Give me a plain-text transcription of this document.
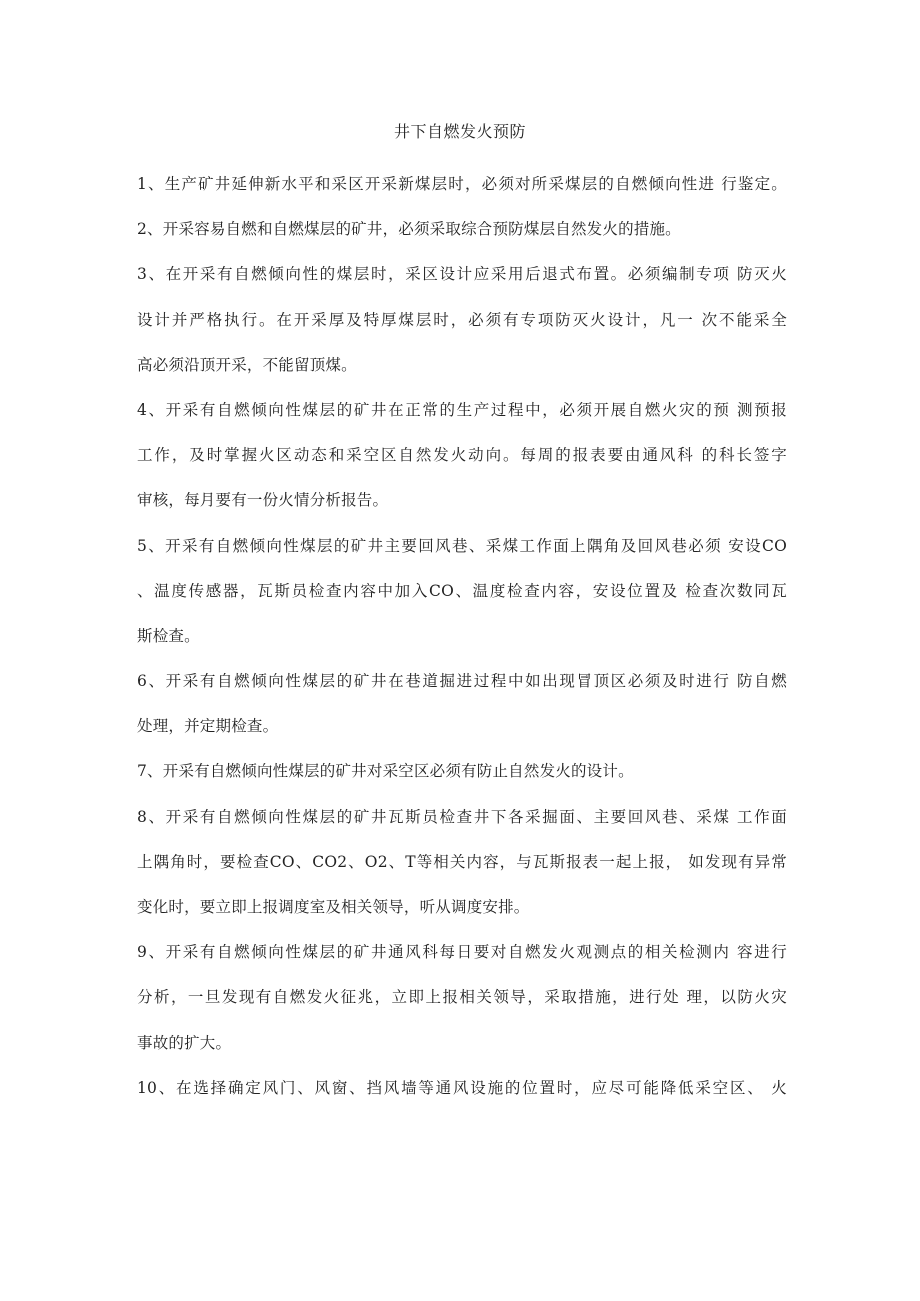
井下自燃发火预防
1、生产矿井延伸新水平和采区开采新煤层时，必须对所采煤层的自燃倾向性进 行鉴定。
2、开采容易自燃和自燃煤层的矿井，必须采取综合预防煤层自然发火的措施。
3、在开采有自燃倾向性的煤层时，采区设计应采用后退式布置。必须编制专项 防灭火
设计并严格执行。在开采厚及特厚煤层时，必须有专项防灭火设计，凡一 次不能采全
高必须沿顶开采，不能留顶煤。
4、开采有自燃倾向性煤层的矿井在正常的生产过程中，必须开展自燃火灾的预 测预报
工作，及时掌握火区动态和采空区自然发火动向。每周的报表要由通风科 的科长签字
审核，每月要有一份火情分析报告。
5、开采有自燃倾向性煤层的矿井主要回风巷、采煤工作面上隅角及回风巷必须 安设CO
、温度传感器，瓦斯员检查内容中加入CO、温度检查内容，安设位置及 检查次数同瓦
斯检查。
6、开采有自燃倾向性煤层的矿井在巷道掘进过程中如出现冒顶区必须及时进行 防自燃
处理，并定期检查。
7、开采有自燃倾向性煤层的矿井对采空区必须有防止自然发火的设计。
8、开采有自燃倾向性煤层的矿井瓦斯员检查井下各采掘面、主要回风巷、采煤 工作面
上隅角时，要检查CO、CO2、O2、T等相关内容，与瓦斯报表一起上报， 如发现有异常
变化时，要立即上报调度室及相关领导，听从调度安排。
9、开采有自燃倾向性煤层的矿井通风科每日要对自燃发火观测点的相关检测内 容进行
分析，一旦发现有自燃发火征兆，立即上报相关领导，采取措施，进行处 理，以防火灾
事故的扩大。
10、在选择确定风门、风窗、挡风墙等通风设施的位置时，应尽可能降低采空区、 火
